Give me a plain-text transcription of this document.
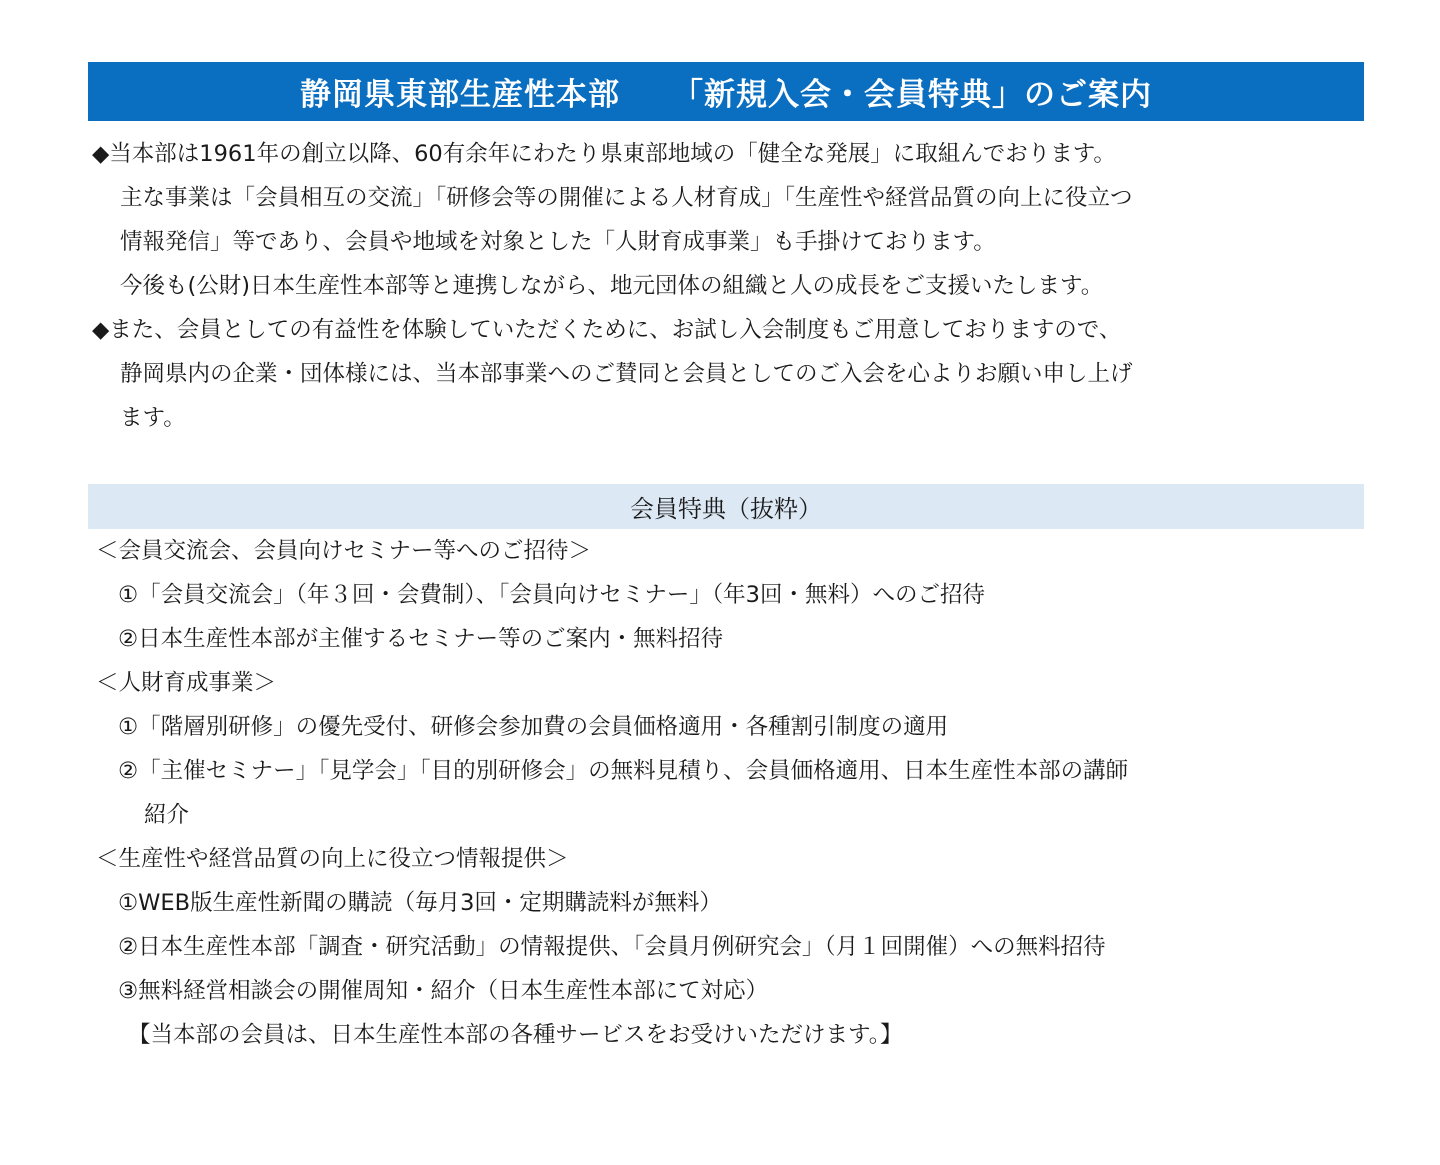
静岡県東部生産性本部 「新規入会・会員特典」のご案内
◆当本部は1961年の創立以降、60有余年にわたり県東部地域の「健全な発展」に取組んでおります。
主な事業は「会員相互の交流」「研修会等の開催による人材育成」「生産性や経営品質の向上に役立つ
情報発信」等であり、会員や地域を対象とした「人財育成事業」も手掛けております。
今後も(公財)日本生産性本部等と連携しながら、地元団体の組織と人の成長をご支援いたします。
◆また、会員としての有益性を体験していただくために、お試し入会制度もご用意しておりますので、
静岡県内の企業・団体様には、当本部事業へのご賛同と会員としてのご入会を心よりお願い申し上げ
ます。
会員特典（抜粋）
＜会員交流会、会員向けセミナー等へのご招待＞
①「会員交流会」（年３回・会費制）、「会員向けセミナー」（年3回・無料）へのご招待
②日本生産性本部が主催するセミナー等のご案内・無料招待
＜人財育成事業＞
①「階層別研修」の優先受付、研修会参加費の会員価格適用・各種割引制度の適用
②「主催セミナー」「見学会」「目的別研修会」の無料見積り、会員価格適用、日本生産性本部の講師
紹介
＜生産性や経営品質の向上に役立つ情報提供＞
①WEB版生産性新聞の購読（毎月3回・定期購読料が無料）
②日本生産性本部「調査・研究活動」の情報提供、「会員月例研究会」（月１回開催）への無料招待
③無料経営相談会の開催周知・紹介（日本生産性本部にて対応）
【当本部の会員は、日本生産性本部の各種サービスをお受けいただけます。】
